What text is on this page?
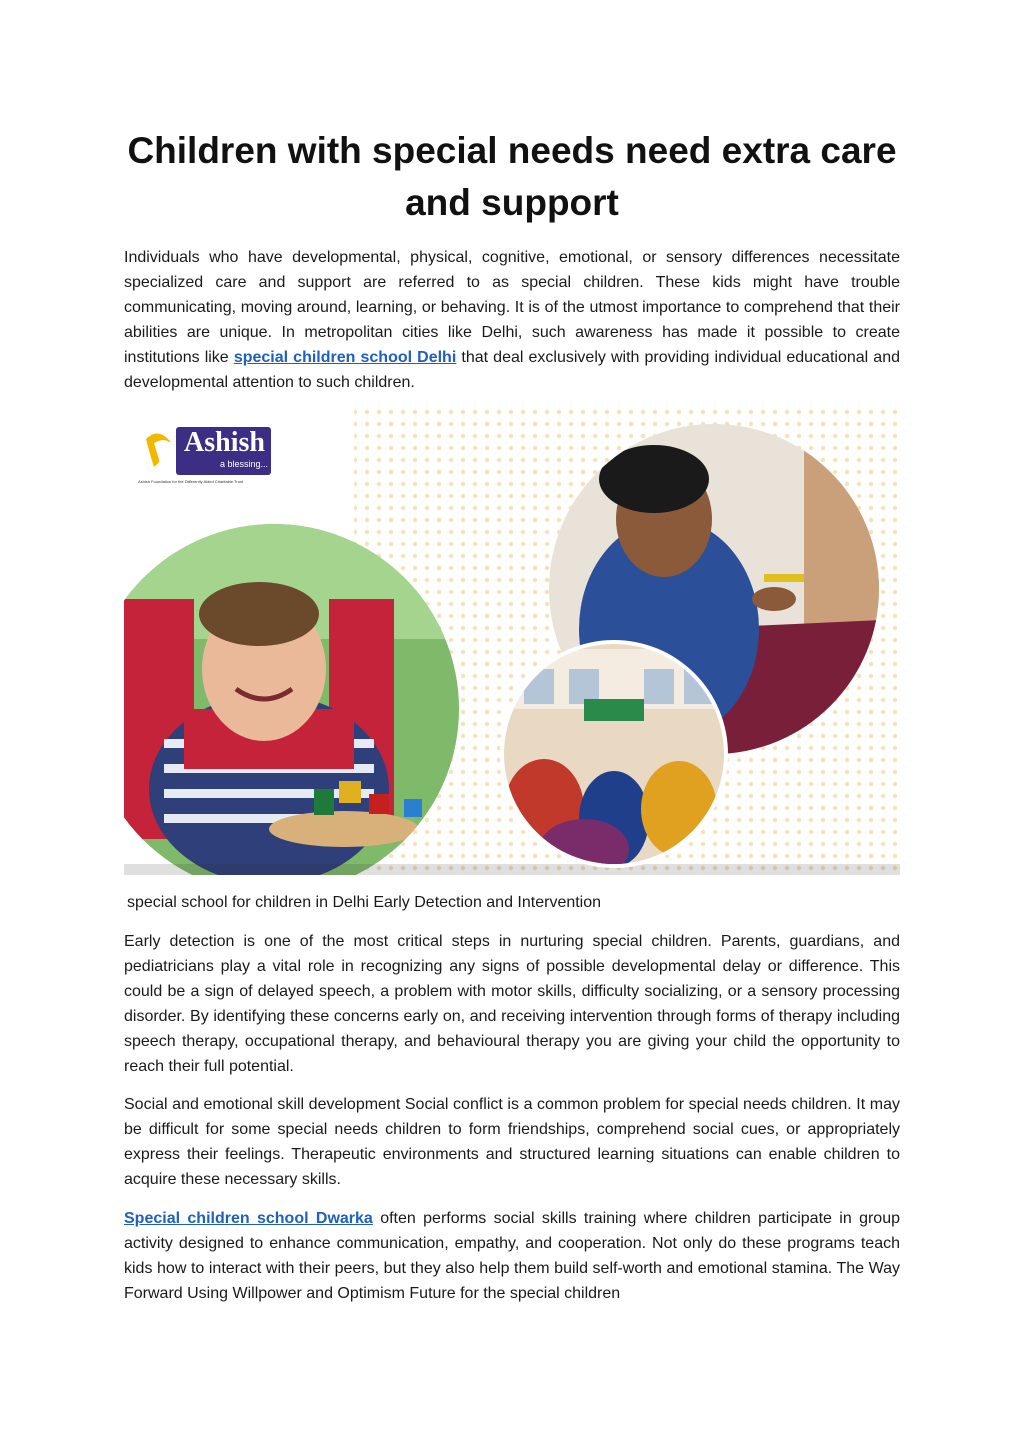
Children with special needs need extra care and support

Individuals who have developmental, physical, cognitive, emotional, or sensory differences necessitate specialized care and support are referred to as special children. These kids might have trouble communicating, moving around, learning, or behaving. It is of the utmost importance to comprehend that their abilities are unique. In metropolitan cities like Delhi, such awareness has made it possible to create institutions like special children school Delhi that deal exclusively with providing individual educational and developmental attention to such children.

Ashish
a blessing...
Ashish Foundation for the Differently Abled Charitable Trust
special school for children in Delhi Early Detection and Intervention

Early detection is one of the most critical steps in nurturing special children. Parents, guardians, and pediatricians play a vital role in recognizing any signs of possible developmental delay or difference. This could be a sign of delayed speech, a problem with motor skills, difficulty socializing, or a sensory processing disorder. By identifying these concerns early on, and receiving intervention through forms of therapy including speech therapy, occupational therapy, and behavioural therapy you are giving your child the opportunity to reach their full potential.

Social and emotional skill development Social conflict is a common problem for special needs children. It may be difficult for some special needs children to form friendships, comprehend social cues, or appropriately express their feelings. Therapeutic environments and structured learning situations can enable children to acquire these necessary skills.

Special children school Dwarka often performs social skills training where children participate in group activity designed to enhance communication, empathy, and cooperation. Not only do these programs teach kids how to interact with their peers, but they also help them build self-worth and emotional stamina. The Way Forward Using Willpower and Optimism Future for the special children
